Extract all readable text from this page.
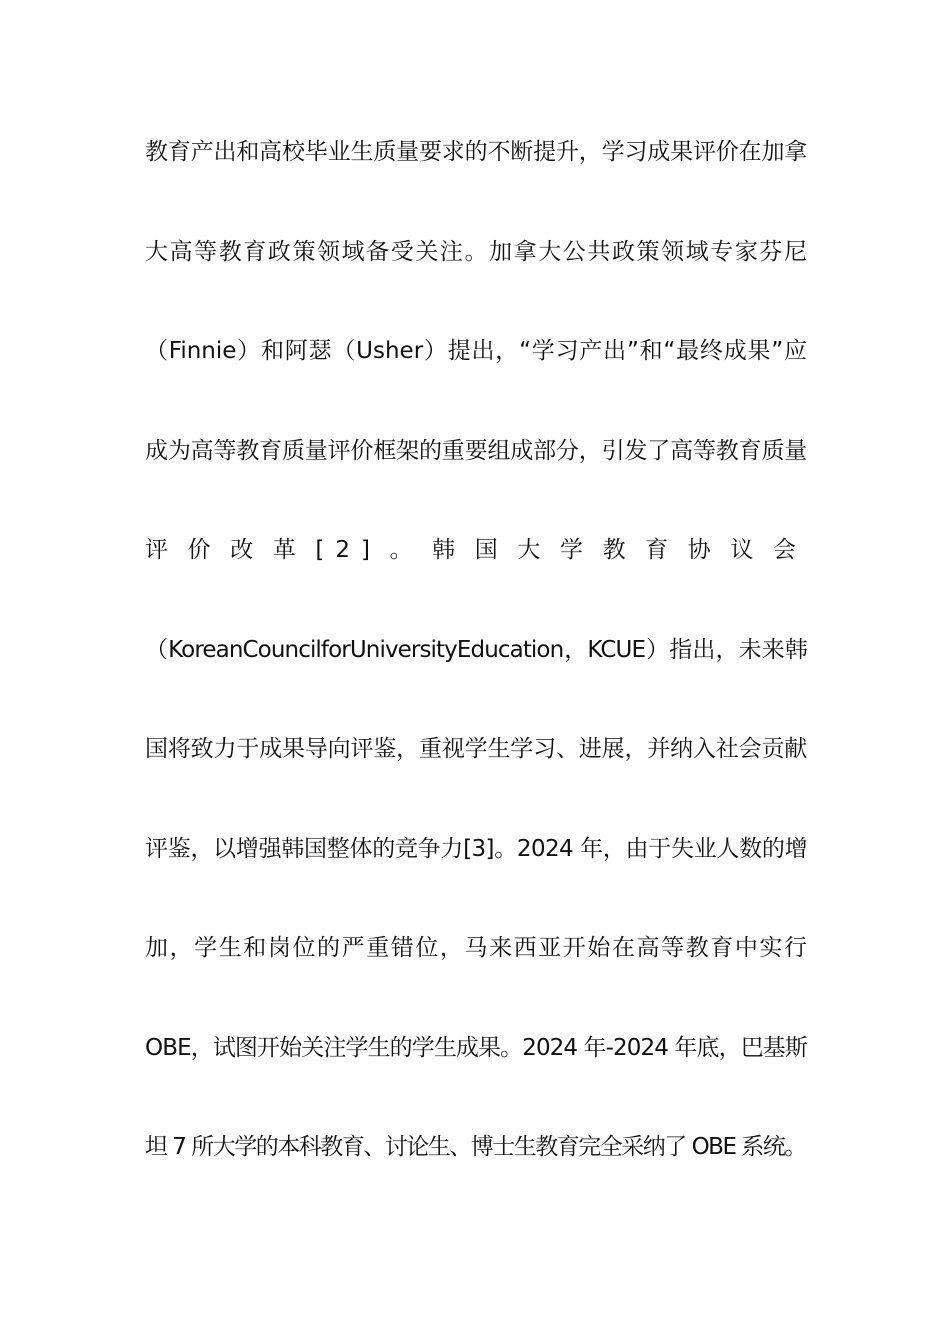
教育产出和高校毕业生质量要求的不断提升，学习成果评价在加拿
大高等教育政策领域备受关注。加拿大公共政策领域专家芬尼
（Finnie）和阿瑟（Usher）提出，“学习产出”和“最终成果”应
成为高等教育质量评价框架的重要组成部分，引发了高等教育质量
评价改革[2]。韩国大学教育协议会
（KoreanCouncilforUniversityEducation，KCUE）指出，未来韩
国将致力于成果导向评鉴，重视学生学习、进展，并纳入社会贡献
评鉴，以增强韩国整体的竞争力[3]。2024 年，由于失业人数的增
加，学生和岗位的严重错位，马来西亚开始在高等教育中实行
OBE，试图开始关注学生的学生成果。2024 年-2024 年底，巴基斯
坦 7 所大学的本科教育、讨论生、博士生教育完全采纳了 OBE 系统。
